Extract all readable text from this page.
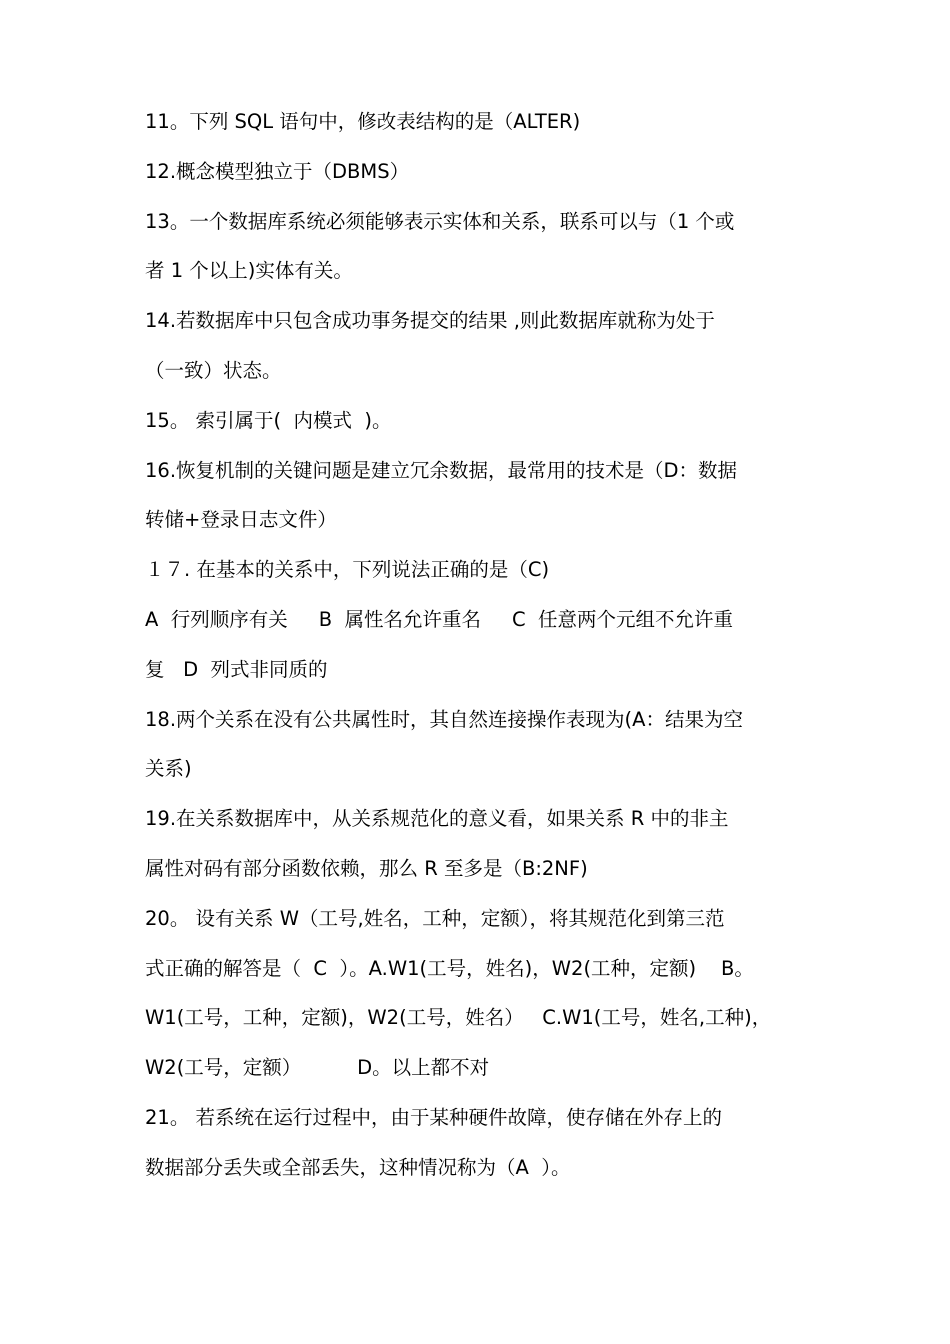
11。下列 SQL 语句中，修改表结构的是（ALTER)
12.概念模型独立于（DBMS）
13。一个数据库系统必须能够表示实体和关系，联系可以与（1 个或
者 1 个以上)实体有关。
14.若数据库中只包含成功事务提交的结果 ,则此数据库就称为处于
（一致）状态。
15。 索引属于(  内模式  )。
16.恢复机制的关键问题是建立冗余数据，最常用的技术是（D：数据
转储+登录日志文件）
１７. 在基本的关系中，下列说法正确的是（C)
A  行列顺序有关     B  属性名允许重名     C  任意两个元组不允许重
复   D  列式非同质的
18.两个关系在没有公共属性时，其自然连接操作表现为(A：结果为空
关系)
19.在关系数据库中，从关系规范化的意义看，如果关系 R 中的非主
属性对码有部分函数依赖，那么 R 至多是（B:2NF)
20。 设有关系 W（工号,姓名，工种，定额），将其规范化到第三范
式正确的解答是（  C  ）。A.W1(工号，姓名)，W2(工种，定额)    B。
W1(工号，工种，定额)，W2(工号，姓名）   C.W1(工号，姓名,工种)，
W2(工号，定额）         D。以上都不对
21。 若系统在运行过程中，由于某种硬件故障，使存储在外存上的
数据部分丢失或全部丢失，这种情况称为（A  ）。
